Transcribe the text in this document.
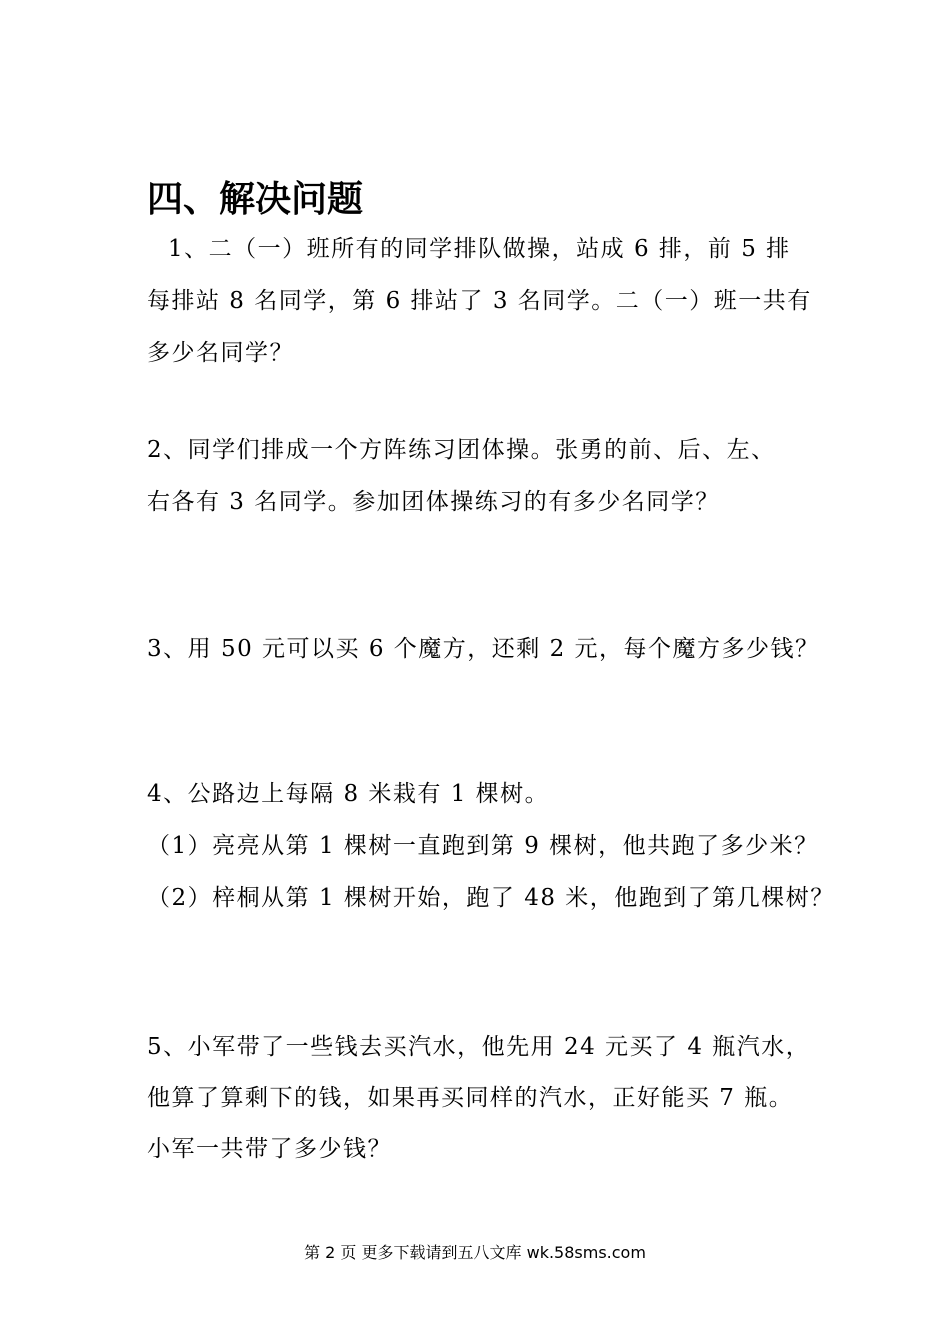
四、解决问题
1、二（一）班所有的同学排队做操，站成 6 排，前 5 排
每排站 8 名同学，第 6 排站了 3 名同学。二（一）班一共有
多少名同学？
2、同学们排成一个方阵练习团体操。张勇的前、后、左、
右各有 3 名同学。参加团体操练习的有多少名同学？
3、用 50 元可以买 6 个魔方，还剩 2 元，每个魔方多少钱？
4、公路边上每隔 8 米栽有 1 棵树。
（1）亮亮从第 1 棵树一直跑到第 9 棵树，他共跑了多少米？
（2）梓桐从第 1 棵树开始，跑了 48 米，他跑到了第几棵树？
5、小军带了一些钱去买汽水，他先用 24 元买了 4 瓶汽水，
他算了算剩下的钱，如果再买同样的汽水，正好能买 7 瓶。
小军一共带了多少钱？
第 2 页 更多下载请到五八文库 wk.58sms.com
